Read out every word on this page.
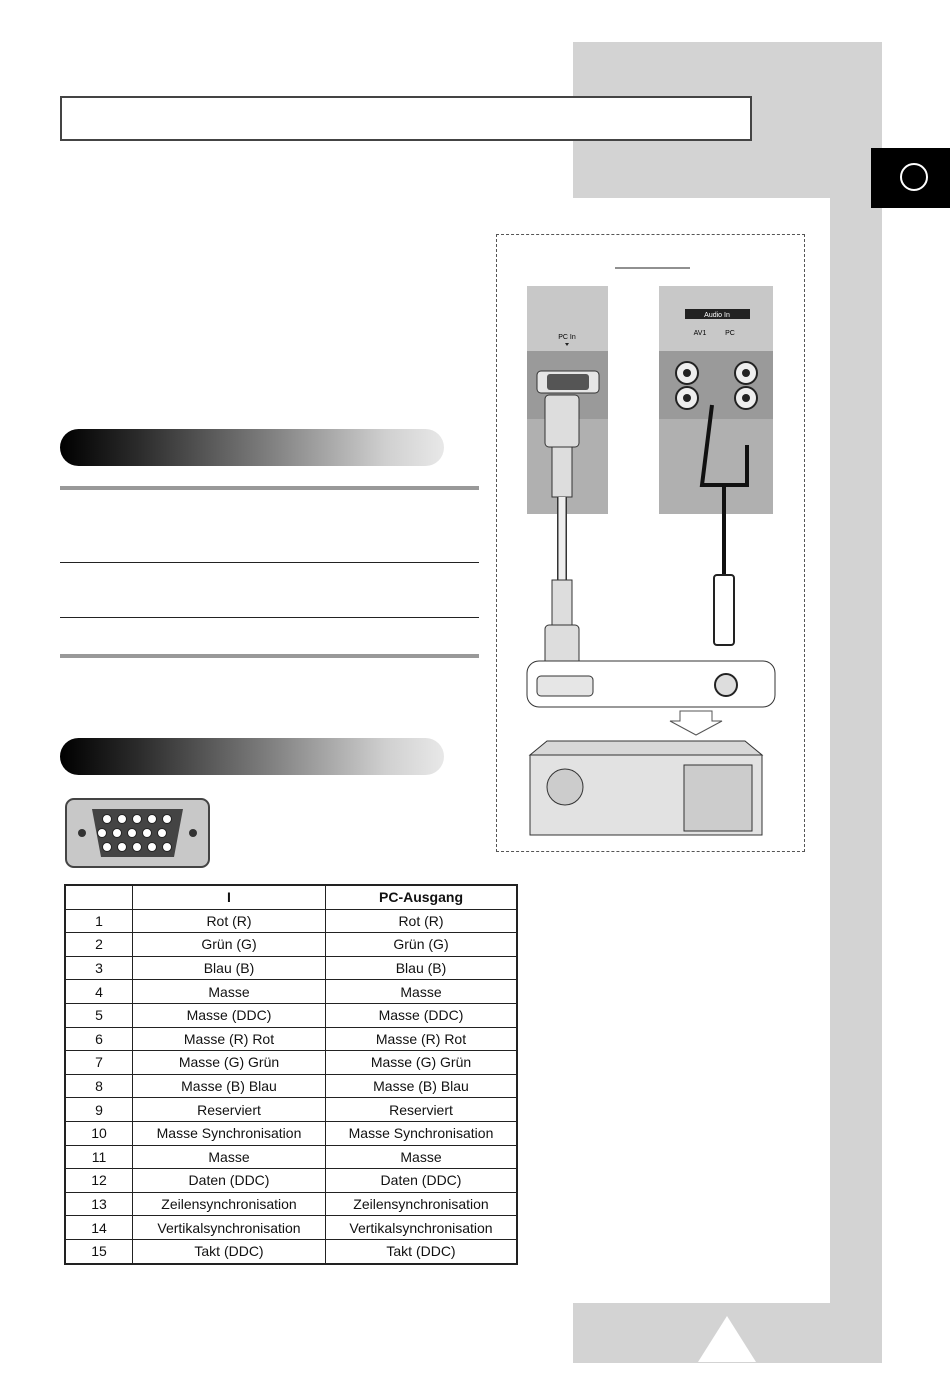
PC In
Audio In
AV1	PC
	I	PC-Ausgang
1	Rot (R)	Rot (R)
2	Grün (G)	Grün (G)
3	Blau (B)	Blau (B)
4	Masse	Masse
5	Masse (DDC)	Masse (DDC)
6	Masse (R) Rot	Masse (R) Rot
7	Masse (G) Grün	Masse (G) Grün
8	Masse (B) Blau	Masse (B) Blau
9	Reserviert	Reserviert
10	Masse Synchronisation	Masse Synchronisation
11	Masse	Masse
12	Daten (DDC)	Daten (DDC)
13	Zeilensynchronisation	Zeilensynchronisation
14	Vertikalsynchronisation	Vertikalsynchronisation
15	Takt (DDC)	Takt (DDC)
